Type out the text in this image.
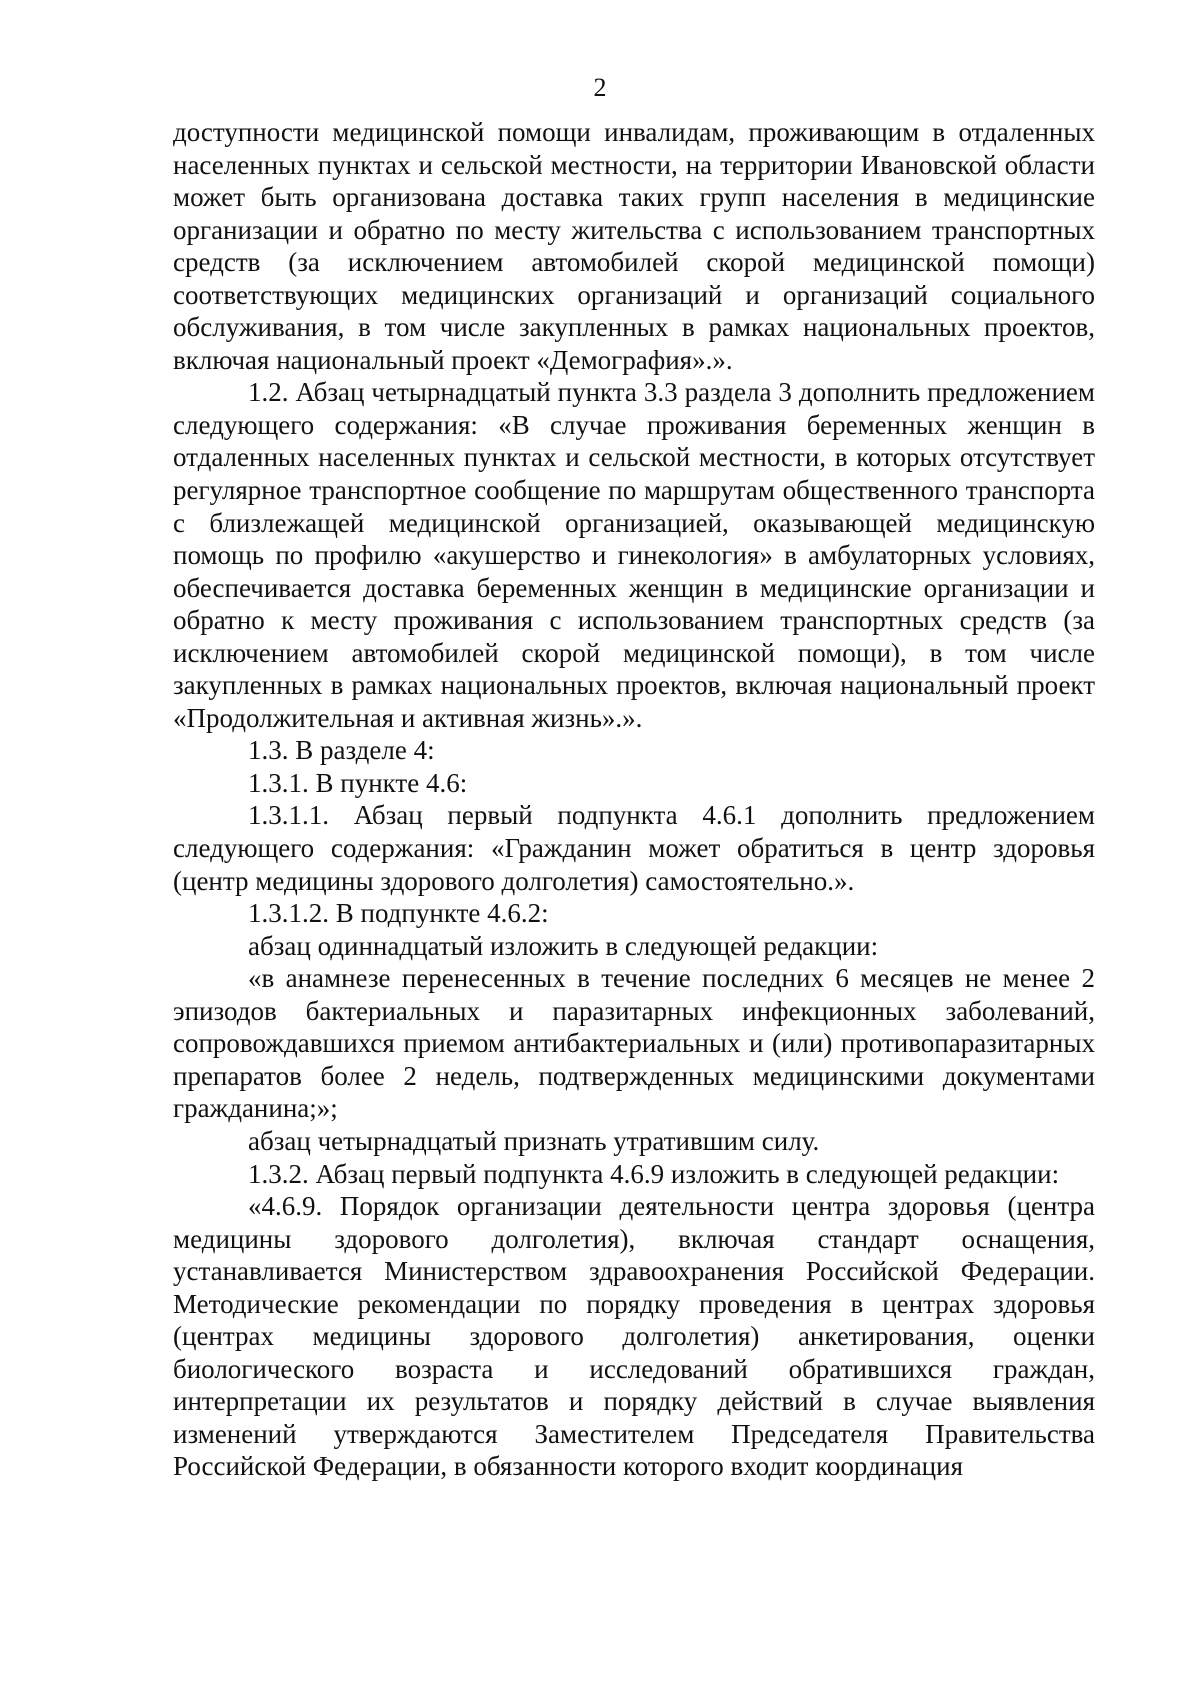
2

доступности медицинской помощи инвалидам, проживающим в отдаленных населенных пунктах и сельской местности, на территории Ивановской области может быть организована доставка таких групп населения в медицинские организации и обратно по месту жительства с использованием транспортных средств (за исключением автомобилей скорой медицинской помощи) соответствующих медицинских организаций и организаций социального обслуживания, в том числе закупленных в рамках национальных проектов, включая национальный проект «Демография».».

1.2. Абзац четырнадцатый пункта 3.3 раздела 3 дополнить предложением следующего содержания: «В случае проживания беременных женщин в отдаленных населенных пунктах и сельской местности, в которых отсутствует регулярное транспортное сообщение по маршрутам общественного транспорта с близлежащей медицинской организацией, оказывающей медицинскую помощь по профилю «акушерство и гинекология» в амбулаторных условиях, обеспечивается доставка беременных женщин в медицинские организации и обратно к месту проживания с использованием транспортных средств (за исключением автомобилей скорой медицинской помощи), в том числе закупленных в рамках национальных проектов, включая национальный проект «Продолжительная и активная жизнь».».

1.3. В разделе 4:

1.3.1. В пункте 4.6:

1.3.1.1. Абзац первый подпункта 4.6.1 дополнить предложением следующего содержания: «Гражданин может обратиться в центр здоровья (центр медицины здорового долголетия) самостоятельно.».

1.3.1.2. В подпункте 4.6.2:

абзац одиннадцатый изложить в следующей редакции:

«в анамнезе перенесенных в течение последних 6 месяцев не менее 2 эпизодов бактериальных и паразитарных инфекционных заболеваний, сопровождавшихся приемом антибактериальных и (или) противопаразитарных препаратов более 2 недель, подтвержденных медицинскими документами гражданина;»;

абзац четырнадцатый признать утратившим силу.

1.3.2. Абзац первый подпункта 4.6.9 изложить в следующей редакции:

«4.6.9. Порядок организации деятельности центра здоровья (центра медицины здорового долголетия), включая стандарт оснащения, устанавливается Министерством здравоохранения Российской Федерации. Методические рекомендации по порядку проведения в центрах здоровья (центрах медицины здорового долголетия) анкетирования, оценки биологического возраста и исследований обратившихся граждан, интерпретации их результатов и порядку действий в случае выявления изменений утверждаются Заместителем Председателя Правительства Российской Федерации, в обязанности которого входит координация
